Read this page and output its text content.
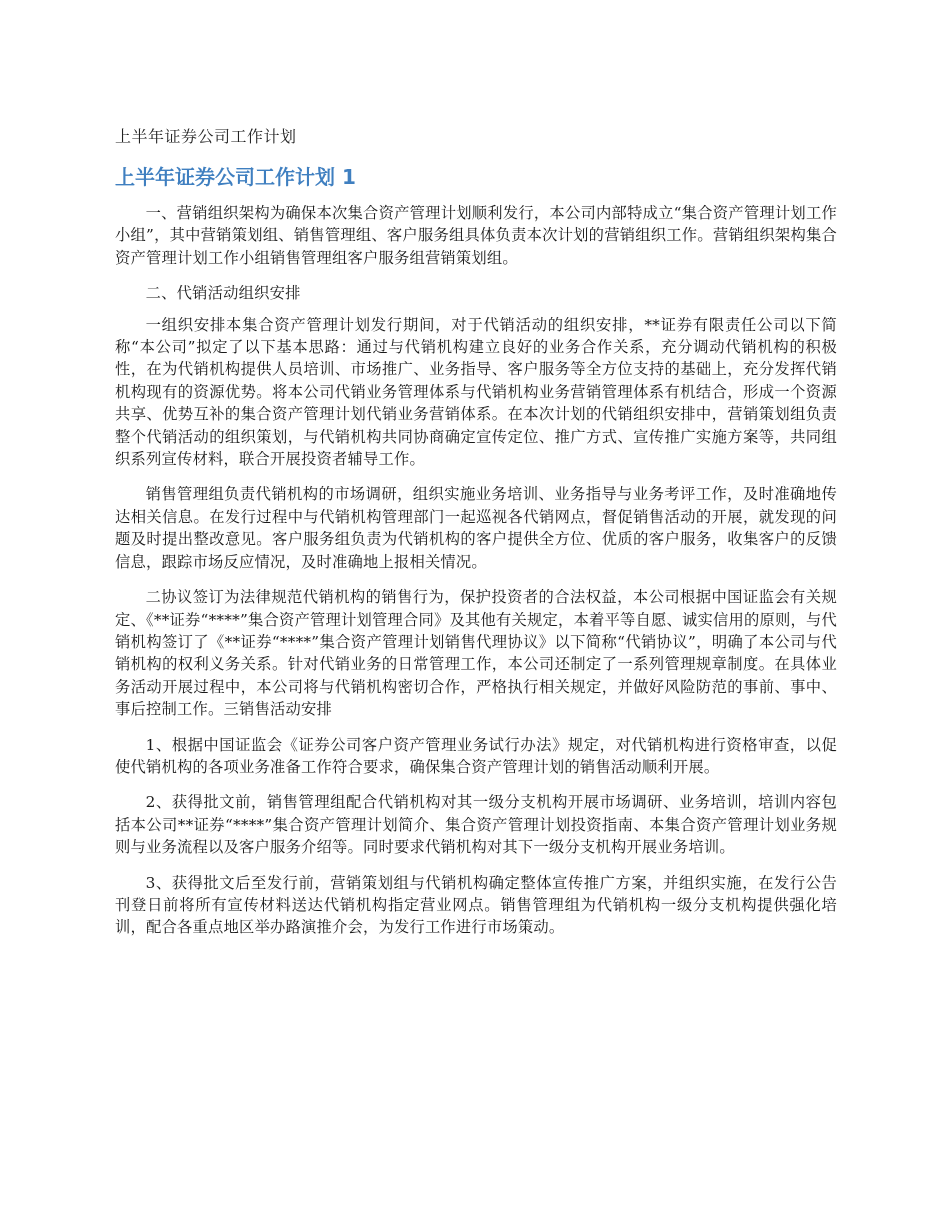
上半年证券公司工作计划
上半年证券公司工作计划 1

一、营销组织架构为确保本次集合资产管理计划顺利发行，本公司内部特成立“集合资产管理计划工作小组”，其中营销策划组、销售管理组、客户服务组具体负责本次计划的营销组织工作。营销组织架构集合资产管理计划工作小组销售管理组客户服务组营销策划组。

二、代销活动组织安排

一组织安排本集合资产管理计划发行期间，对于代销活动的组织安排，**证券有限责任公司以下简称“本公司”拟定了以下基本思路：通过与代销机构建立良好的业务合作关系，充分调动代销机构的积极性，在为代销机构提供人员培训、市场推广、业务指导、客户服务等全方位支持的基础上，充分发挥代销机构现有的资源优势。将本公司代销业务管理体系与代销机构业务营销管理体系有机结合，形成一个资源共享、优势互补的集合资产管理计划代销业务营销体系。在本次计划的代销组织安排中，营销策划组负责整个代销活动的组织策划，与代销机构共同协商确定宣传定位、推广方式、宣传推广实施方案等，共同组织系列宣传材料，联合开展投资者辅导工作。

销售管理组负责代销机构的市场调研，组织实施业务培训、业务指导与业务考评工作，及时准确地传达相关信息。在发行过程中与代销机构管理部门一起巡视各代销网点，督促销售活动的开展，就发现的问题及时提出整改意见。客户服务组负责为代销机构的客户提供全方位、优质的客户服务，收集客户的反馈信息，跟踪市场反应情况，及时准确地上报相关情况。

二协议签订为法律规范代销机构的销售行为，保护投资者的合法权益，本公司根据中国证监会有关规定、《**证券“****”集合资产管理计划管理合同》及其他有关规定，本着平等自愿、诚实信用的原则，与代销机构签订了《**证券“****”集合资产管理计划销售代理协议》以下简称“代销协议”，明确了本公司与代销机构的权利义务关系。针对代销业务的日常管理工作，本公司还制定了一系列管理规章制度。在具体业务活动开展过程中，本公司将与代销机构密切合作，严格执行相关规定，并做好风险防范的事前、事中、事后控制工作。三销售活动安排

1、根据中国证监会《证券公司客户资产管理业务试行办法》规定，对代销机构进行资格审查，以促使代销机构的各项业务准备工作符合要求，确保集合资产管理计划的销售活动顺利开展。

2、获得批文前，销售管理组配合代销机构对其一级分支机构开展市场调研、业务培训，培训内容包括本公司**证券“****”集合资产管理计划简介、集合资产管理计划投资指南、本集合资产管理计划业务规则与业务流程以及客户服务介绍等。同时要求代销机构对其下一级分支机构开展业务培训。

3、获得批文后至发行前，营销策划组与代销机构确定整体宣传推广方案，并组织实施，在发行公告刊登日前将所有宣传材料送达代销机构指定营业网点。销售管理组为代销机构一级分支机构提供强化培训，配合各重点地区举办路演推介会，为发行工作进行市场策动。
